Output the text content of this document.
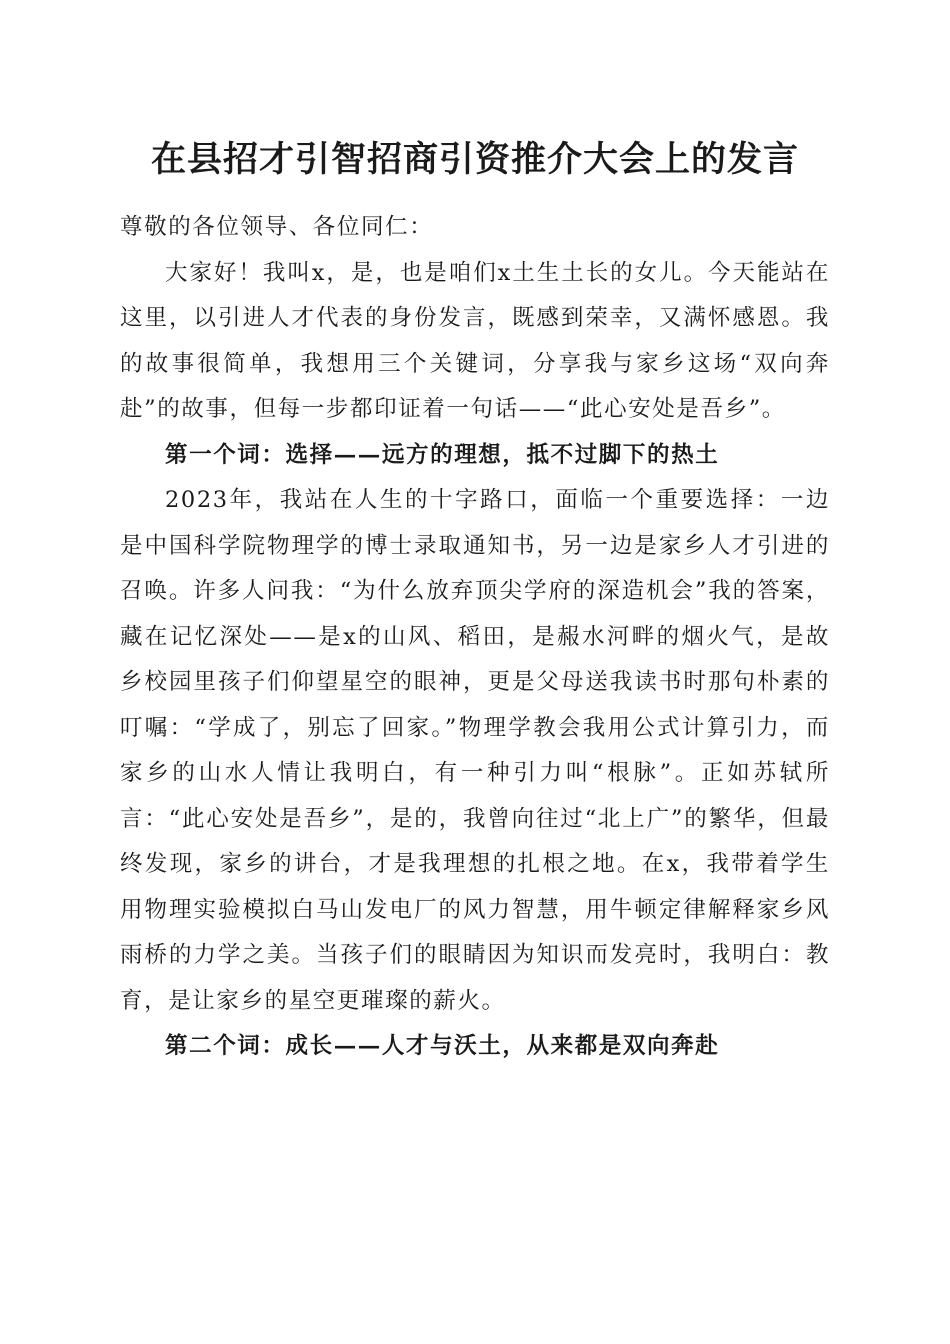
在县招才引智招商引资推介大会上的发言

尊敬的各位领导、各位同仁：

大家好！我叫x，是，也是咱们x土生土长的女儿。今天能站在这里，以引进人才代表的身份发言，既感到荣幸，又满怀感恩。我的故事很简单，我想用三个关键词，分享我与家乡这场“双向奔赴”的故事，但每一步都印证着一句话——“此心安处是吾乡”。

第一个词：选择——远方的理想，抵不过脚下的热土

2023年，我站在人生的十字路口，面临一个重要选择：一边是中国科学院物理学的博士录取通知书，另一边是家乡人才引进的召唤。许多人问我：“为什么放弃顶尖学府的深造机会”我的答案，藏在记忆深处——是x的山风、稻田，是赧水河畔的烟火气，是故乡校园里孩子们仰望星空的眼神，更是父母送我读书时那句朴素的叮嘱：“学成了，别忘了回家。”物理学教会我用公式计算引力，而家乡的山水人情让我明白，有一种引力叫“根脉”。正如苏轼所言：“此心安处是吾乡”，是的，我曾向往过“北上广”的繁华，但最终发现，家乡的讲台，才是我理想的扎根之地。在x，我带着学生用物理实验模拟白马山发电厂的风力智慧，用牛顿定律解释家乡风雨桥的力学之美。当孩子们的眼睛因为知识而发亮时，我明白：教育，是让家乡的星空更璀璨的薪火。

第二个词：成长——人才与沃土，从来都是双向奔赴
